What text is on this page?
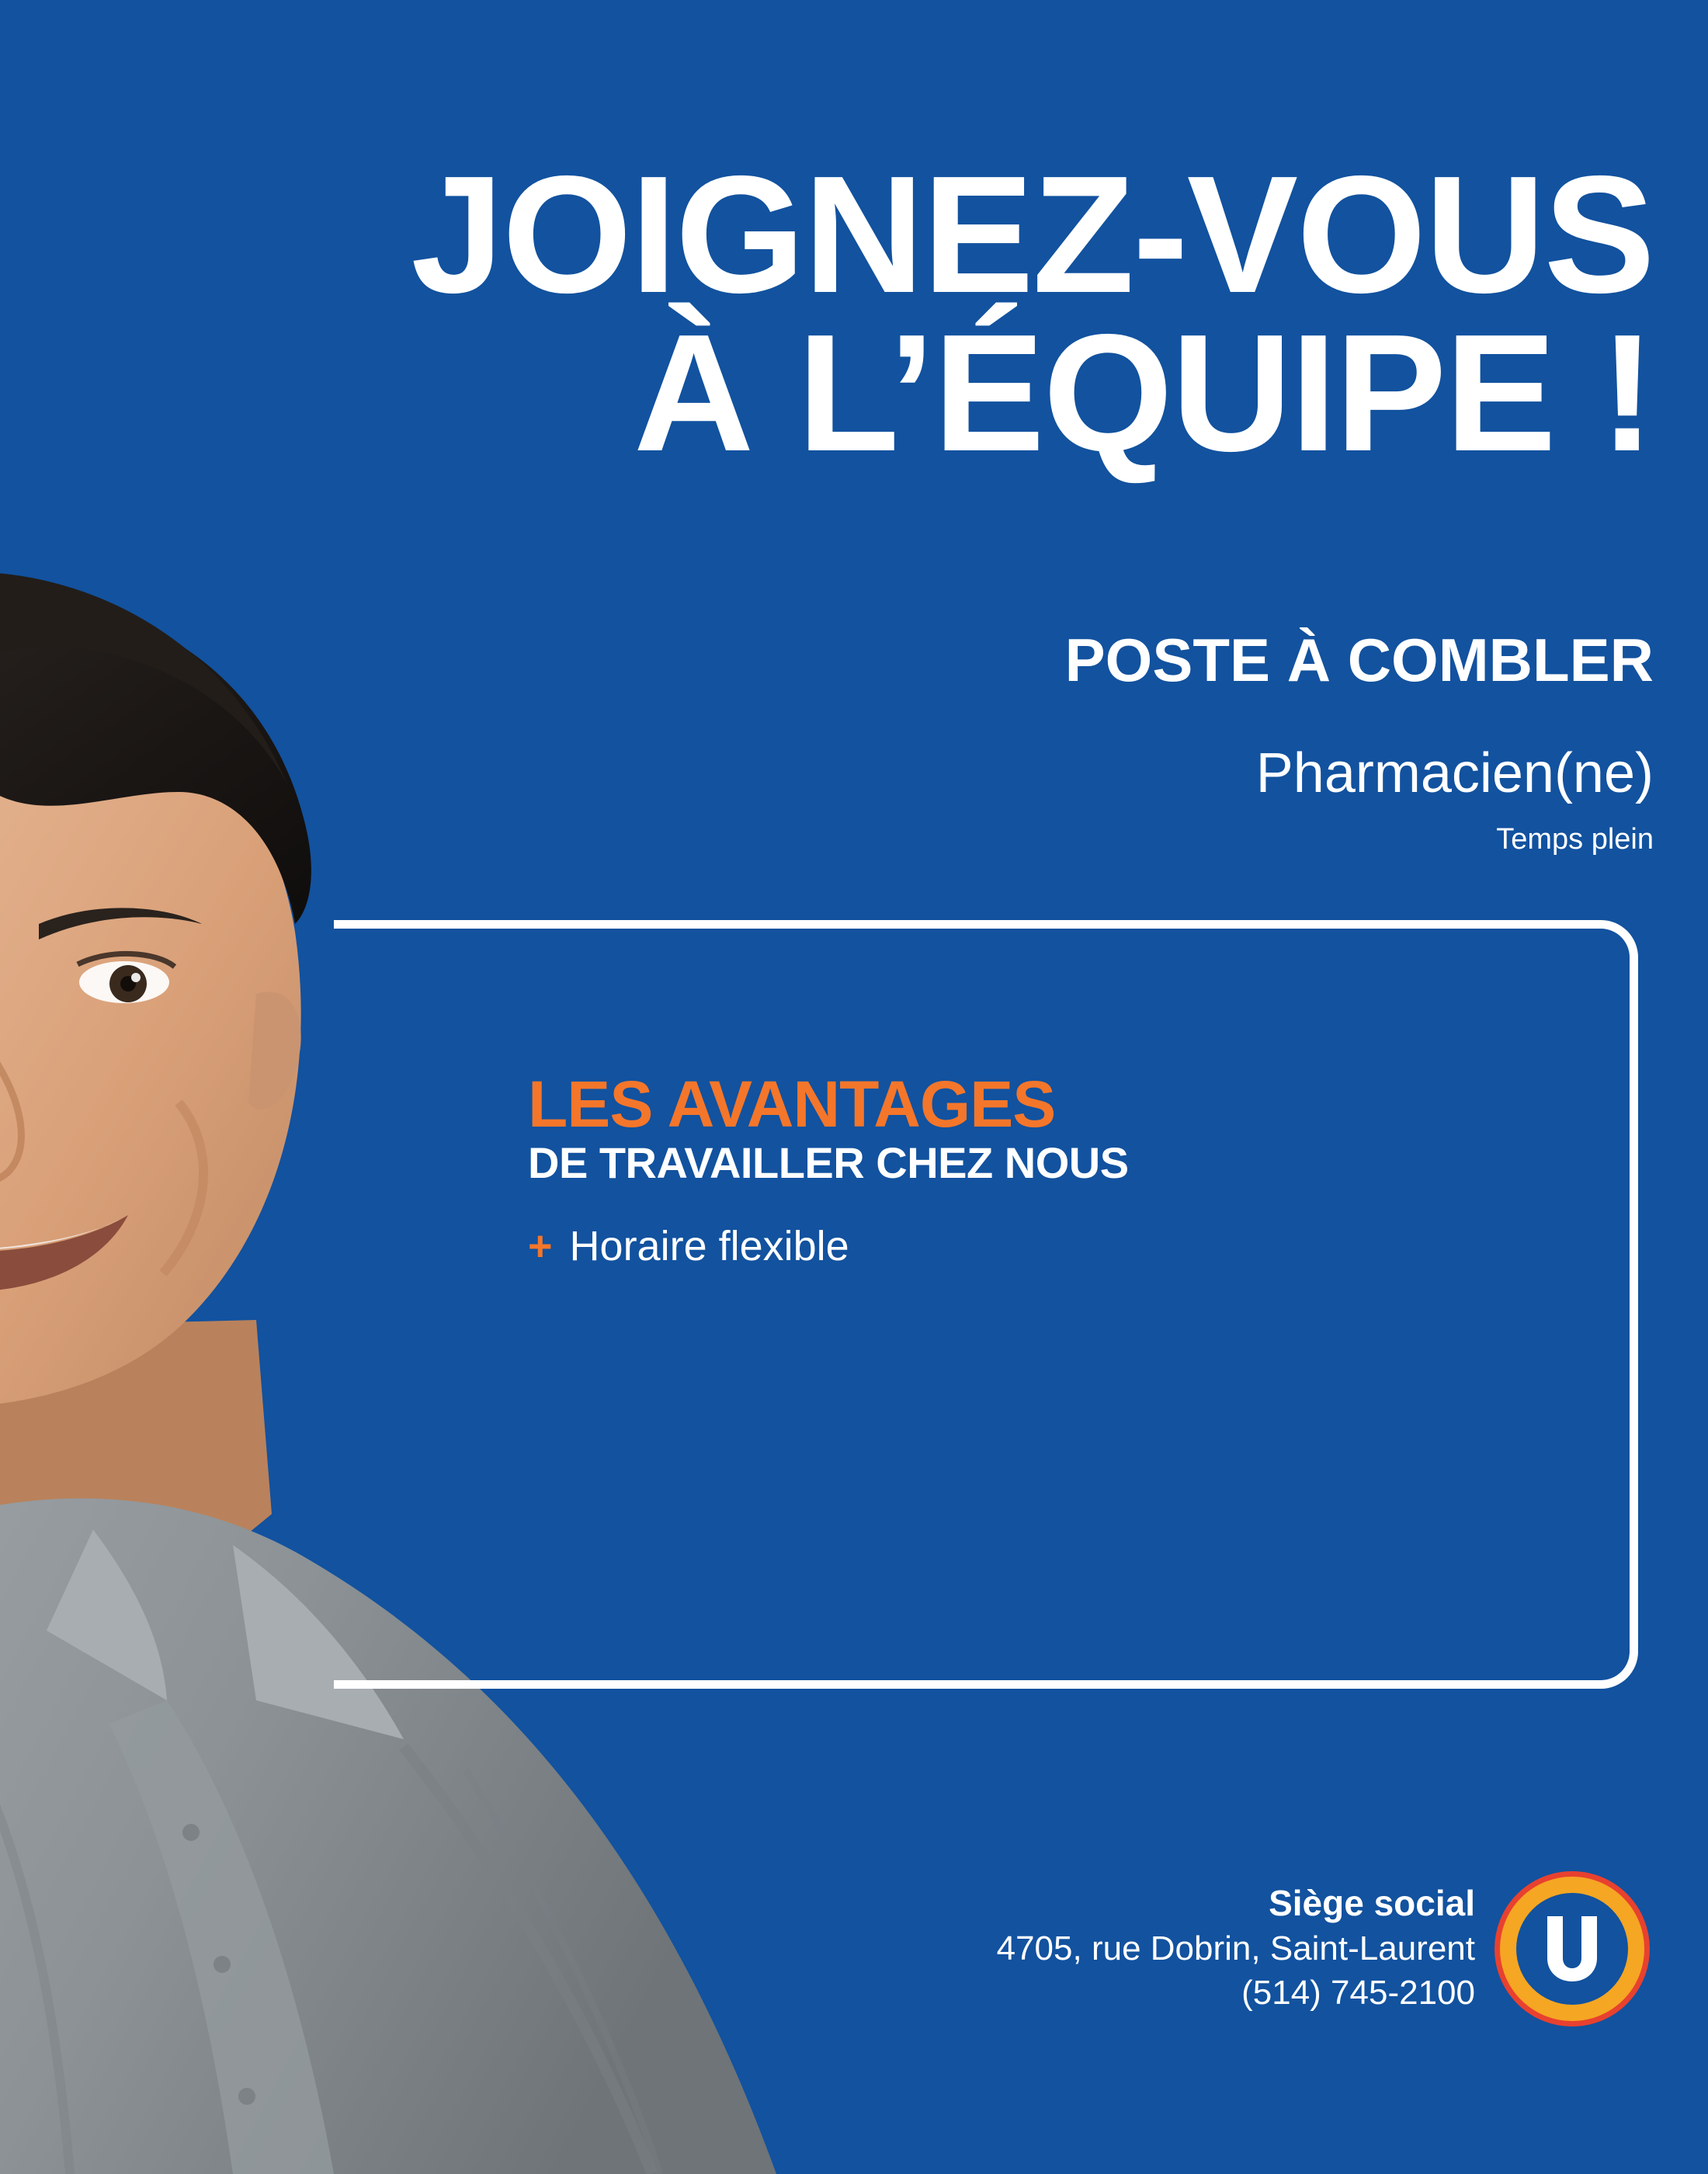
JOIGNEZ-VOUS
À L’ÉQUIPE !
POSTE À COMBLER
Pharmacien(ne)
Temps plein
LES AVANTAGES
DE TRAVAILLER CHEZ NOUS
+ Horaire flexible
Siège social
4705, rue Dobrin, Saint-Laurent
(514) 745-2100
